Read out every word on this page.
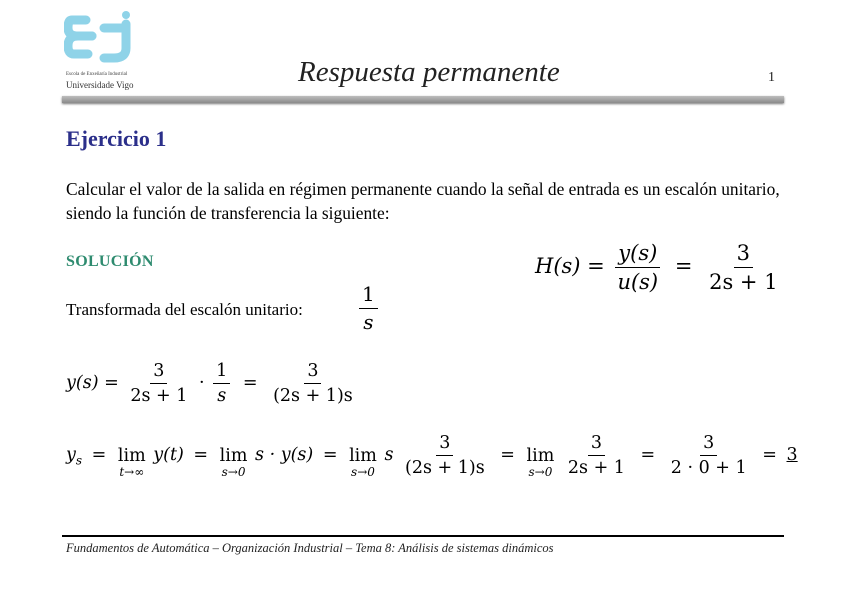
Escola de Enxeñaría Industrial
Universidade Vigo	Respuesta permanente	1
Ejercicio 1
Calcular el valor de la salida en régimen permanente cuando la señal de entrada es un escalón unitario, siendo la función de transferencia la siguiente:
SOLUCIÓN
Transformada del escalón unitario:	$\frac{1}{s}$
$H(s) = \frac{y(s)}{u(s)} = \frac{3}{2s + 1}$
$y(s) = \frac{3}{2s + 1} \cdot \frac{1}{s} = \frac{3}{(2s + 1)s}$
$y_s = \lim$
t→∞
y(t) = lim
s→0
s · y(s) = lim
s→0
s $\frac{3}{(2s + 1)s} = \lim$
s→0
$\frac{3}{2s + 1} = \frac{3}{2 \cdot 0 + 1} = 3$
Fundamentos de Automática – Organización Industrial – Tema 8: Análisis de sistemas dinámicos
